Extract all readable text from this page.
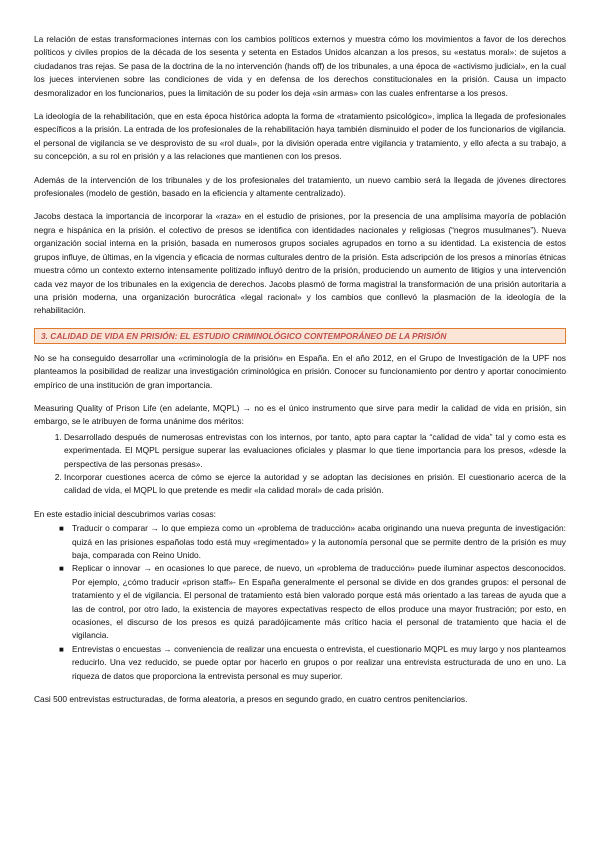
La relación de estas transformaciones internas con los cambios políticos externos y muestra cómo los movimientos a favor de los derechos políticos y civiles propios de la década de los sesenta y setenta en Estados Unidos alcanzan a los presos, su «estatus moral»: de sujetos a ciudadanos tras rejas. Se pasa de la doctrina de la no intervención (hands off) de los tribunales, a una época de «activismo judicial», en la cual los jueces intervienen sobre las condiciones de vida y en defensa de los derechos constitucionales en la prisión. Causa un impacto desmoralizador en los funcionarios, pues la limitación de su poder los deja «sin armas» con las cuales enfrentarse a los presos.

La ideología de la rehabilitación, que en esta época histórica adopta la forma de «tratamiento psicológico», implica la llegada de profesionales específicos a la prisión. La entrada de los profesionales de la rehabilitación haya también disminuido el poder de los funcionarios de vigilancia. el personal de vigilancia se ve desprovisto de su «rol dual», por la división operada entre vigilancia y tratamiento, y ello afecta a su trabajo, a su concepción, a su rol en prisión y a las relaciones que mantienen con los presos.

Además de la intervención de los tribunales y de los profesionales del tratamiento, un nuevo cambio será la llegada de jóvenes directores profesionales (modelo de gestión, basado en la eficiencia y altamente centralizado).

Jacobs destaca la importancia de incorporar la «raza» en el estudio de prisiones, por la presencia de una amplísima mayoría de población negra e hispánica en la prisión. el colectivo de presos se identifica con identidades nacionales y religiosas (“negros musulmanes”). Nueva organización social interna en la prisión, basada en numerosos grupos sociales agrupados en torno a su identidad. La existencia de estos grupos influye, de últimas, en la vigencia y eficacia de normas culturales dentro de la prisión. Esta adscripción de los presos a minorías étnicas muestra cómo un contexto externo intensamente politizado influyó dentro de la prisión, produciendo un aumento de litigios y una intervención cada vez mayor de los tribunales en la exigencia de derechos. Jacobs plasmó de forma magistral la transformación de una prisión autoritaria a una prisión moderna, una organización burocrática «legal racional» y los cambios que conllevó la plasmación de la ideología de la rehabilitación.

3. CALIDAD DE VIDA EN PRISIÓN: EL ESTUDIO CRIMINOLÓGICO CONTEMPORÁNEO DE LA PRISIÓN

No se ha conseguido desarrollar una «criminología de la prisión» en España. En el año 2012, en el Grupo de Investigación de la UPF nos planteamos la posibilidad de realizar una investigación criminológica en prisión. Conocer su funcionamiento por dentro y aportar conocimiento empírico de una institución de gran importancia.

Measuring Quality of Prison Life (en adelante, MQPL) → no es el único instrumento que sirve para medir la calidad de vida en prisión, sin embargo, se le atribuyen de forma unánime dos méritos:

1. Desarrollado después de numerosas entrevistas con los internos, por tanto, apto para captar la “calidad de vida” tal y como esta es experimentada. El MQPL persigue superar las evaluaciones oficiales y plasmar lo que tiene importancia para los presos, «desde la perspectiva de las personas presas».
2. Incorporar cuestiones acerca de cómo se ejerce la autoridad y se adoptan las decisiones en prisión. El cuestionario acerca de la calidad de vida, el MQPL lo que pretende es medir «la calidad moral» de cada prisión.

En este estadio inicial descubrimos varias cosas:

■ Traducir o comparar → lo que empieza como un «problema de traducción» acaba originando una nueva pregunta de investigación: quizá en las prisiones españolas todo está muy «regimentado» y la autonomía personal que se permite dentro de la prisión es muy baja, comparada con Reino Unido.
■ Replicar o innovar → en ocasiones lo que parece, de nuevo, un «problema de traducción» puede iluminar aspectos desconocidos. Por ejemplo, ¿cómo traducir «prison staff»- En España generalmente el personal se divide en dos grandes grupos: el personal de tratamiento y el de vigilancia. El personal de tratamiento está bien valorado porque está más orientado a las tareas de ayuda que a las de control, por otro lado, la existencia de mayores expectativas respecto de ellos produce una mayor frustración; por esto, en ocasiones, el discurso de los presos es quizá paradójicamente más crítico hacia el personal de tratamiento que hacia el de vigilancia.
■ Entrevistas o encuestas → conveniencia de realizar una encuesta o entrevista, el cuestionario MQPL es muy largo y nos planteamos reducirlo. Una vez reducido, se puede optar por hacerlo en grupos o por realizar una entrevista estructurada de uno en uno. La riqueza de datos que proporciona la entrevista personal es muy superior.

Casi 500 entrevistas estructuradas, de forma aleatoria, a presos en segundo grado, en cuatro centros penitenciarios.
